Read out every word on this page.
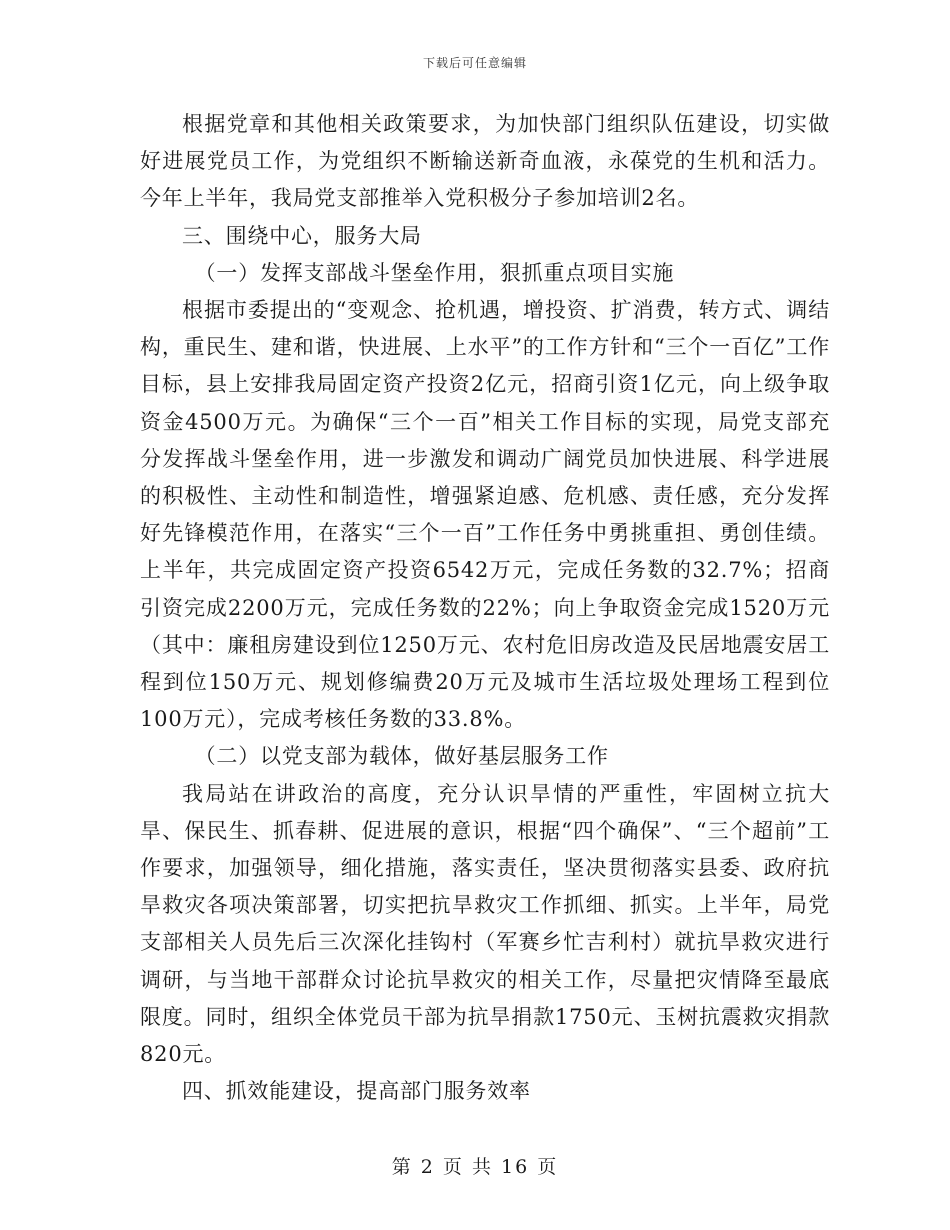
下载后可任意编辑

根据党章和其他相关政策要求，为加快部门组织队伍建设，切实做好进展党员工作，为党组织不断输送新奇血液，永葆党的生机和活力。今年上半年，我局党支部推举入党积极分子参加培训2名。

三、围绕中心，服务大局

（一）发挥支部战斗堡垒作用，狠抓重点项目实施

根据市委提出的“变观念、抢机遇，增投资、扩消费，转方式、调结构，重民生、建和谐，快进展、上水平”的工作方针和“三个一百亿”工作目标，县上安排我局固定资产投资2亿元，招商引资1亿元，向上级争取资金4500万元。为确保“三个一百”相关工作目标的实现，局党支部充分发挥战斗堡垒作用，进一步激发和调动广阔党员加快进展、科学进展的积极性、主动性和制造性，增强紧迫感、危机感、责任感，充分发挥好先锋模范作用，在落实“三个一百”工作任务中勇挑重担、勇创佳绩。上半年，共完成固定资产投资6542万元，完成任务数的32.7%；招商引资完成2200万元，完成任务数的22%；向上争取资金完成1520万元（其中：廉租房建设到位1250万元、农村危旧房改造及民居地震安居工程到位150万元、规划修编费20万元及城市生活垃圾处理场工程到位100万元），完成考核任务数的33.8%。

（二）以党支部为载体，做好基层服务工作

我局站在讲政治的高度，充分认识旱情的严重性，牢固树立抗大旱、保民生、抓春耕、促进展的意识，根据“四个确保”、“三个超前”工作要求，加强领导，细化措施，落实责任，坚决贯彻落实县委、政府抗旱救灾各项决策部署，切实把抗旱救灾工作抓细、抓实。上半年，局党支部相关人员先后三次深化挂钩村（军赛乡忙吉利村）就抗旱救灾进行调研，与当地干部群众讨论抗旱救灾的相关工作，尽量把灾情降至最底限度。同时，组织全体党员干部为抗旱捐款1750元、玉树抗震救灾捐款820元。

四、抓效能建设，提高部门服务效率

第 2 页 共 16 页
